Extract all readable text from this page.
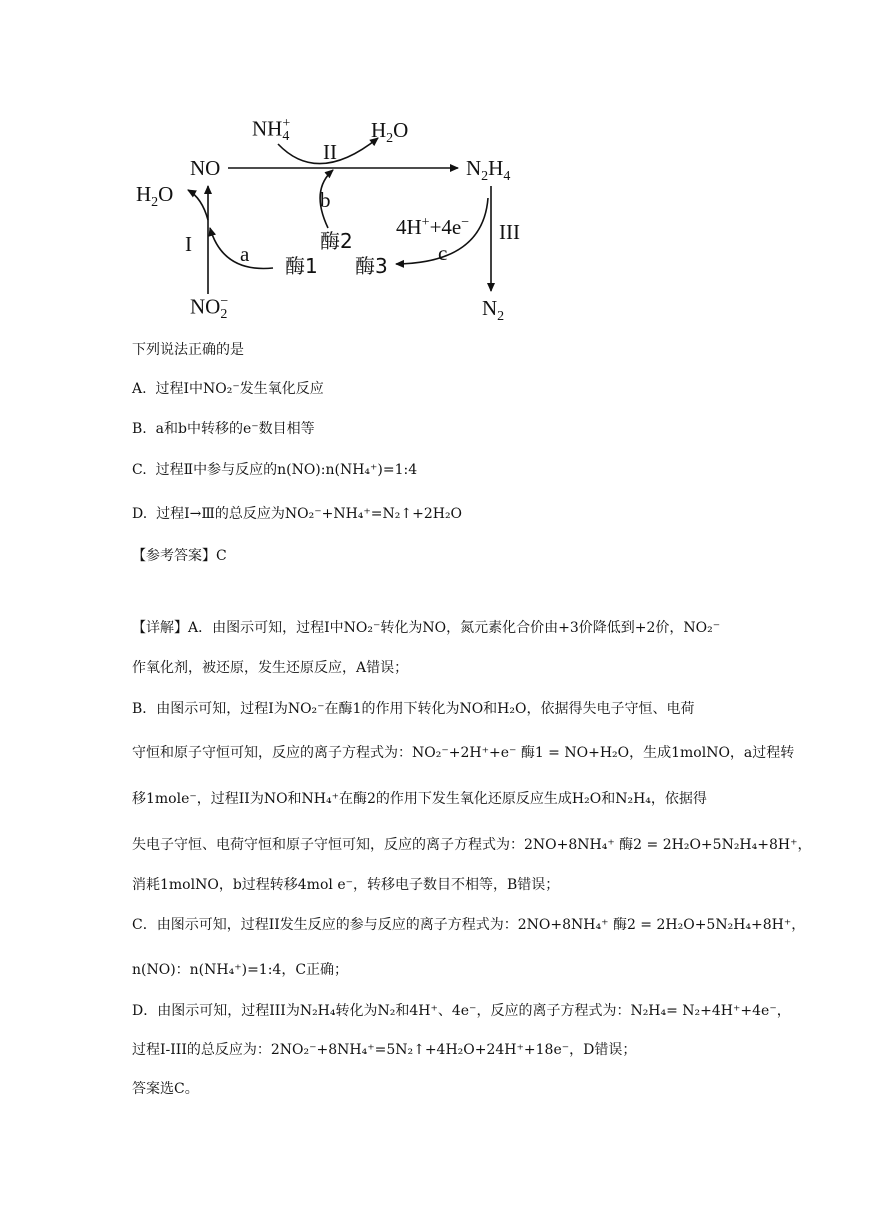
NH +
4	$H_2O$
NO
II
$N_2H_4$
$H_2O$	b
酶2
4H++4e− III
I a 酶1 酶3
c
NO −
2	$N_2$
下列说法正确的是
A. 过程Ⅰ中NO₂⁻发生氧化反应
B. a和b中转移的e⁻数目相等
C. 过程Ⅱ中参与反应的n(NO):n(NH₄⁺)=1:4
D. 过程Ⅰ→Ⅲ的总反应为NO₂⁻+NH₄⁺=N₂↑+2H₂O
【参考答案】C
【详解】A．由图示可知，过程Ⅰ中NO₂⁻转化为NO，氮元素化合价由+3价降低到+2价，NO₂⁻
作氧化剂，被还原，发生还原反应，A错误；
B．由图示可知，过程Ⅰ为NO₂⁻在酶1的作用下转化为NO和H₂O，依据得失电子守恒、电荷
守恒和原子守恒可知，反应的离子方程式为：NO₂⁻+2H⁺+e⁻ 酶1 = NO+H₂O，生成1molNO，a过程转
移1mole⁻，过程II为NO和NH₄⁺在酶2的作用下发生氧化还原反应生成H₂O和N₂H₄，依据得
失电子守恒、电荷守恒和原子守恒可知，反应的离子方程式为：2NO+8NH₄⁺ 酶2 = 2H₂O+5N₂H₄+8H⁺，
消耗1molNO，b过程转移4mol e⁻，转移电子数目不相等，B错误；
C．由图示可知，过程II发生反应的参与反应的离子方程式为：2NO+8NH₄⁺ 酶2 = 2H₂O+5N₂H₄+8H⁺，
n(NO)：n(NH₄⁺)=1:4，C正确；
D．由图示可知，过程III为N₂H₄转化为N₂和4H⁺、4e⁻，反应的离子方程式为：N₂H₄= N₂+4H⁺+4e⁻，
过程I-III的总反应为：2NO₂⁻+8NH₄⁺=5N₂↑+4H₂O+24H⁺+18e⁻，D错误；
答案选C。
